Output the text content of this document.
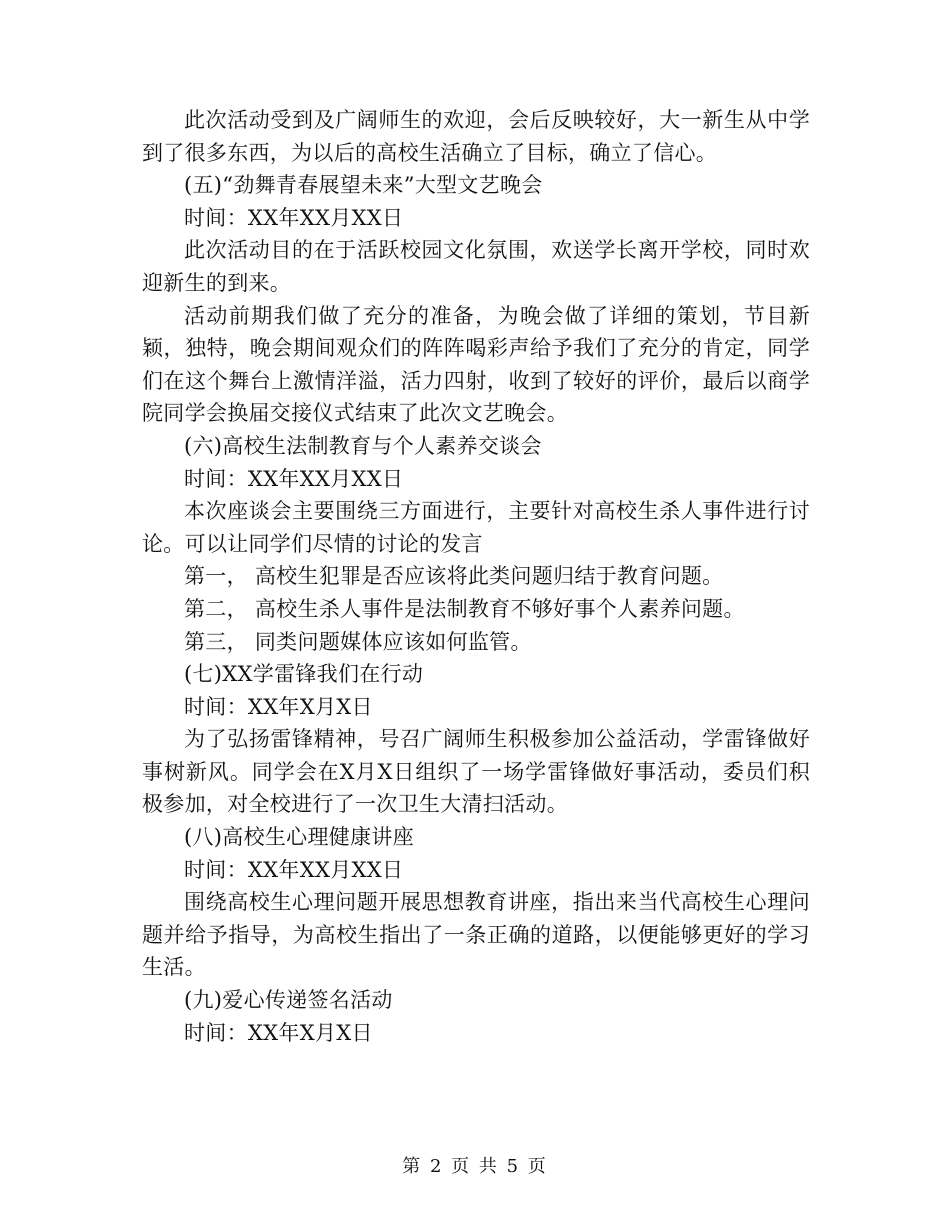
此次活动受到及广阔师生的欢迎，会后反映较好，大一新生从中学到了很多东西，为以后的高校生活确立了目标，确立了信心。

(五)“劲舞青春展望未来”大型文艺晚会

时间：XX年XX月XX日

此次活动目的在于活跃校园文化氛围，欢送学长离开学校，同时欢迎新生的到来。

活动前期我们做了充分的准备，为晚会做了详细的策划，节目新颖，独特，晚会期间观众们的阵阵喝彩声给予我们了充分的肯定，同学们在这个舞台上激情洋溢，活力四射，收到了较好的评价，最后以商学院同学会换届交接仪式结束了此次文艺晚会。

(六)高校生法制教育与个人素养交谈会

时间：XX年XX月XX日

本次座谈会主要围绕三方面进行，主要针对高校生杀人事件进行讨论。可以让同学们尽情的讨论的发言

第一， 高校生犯罪是否应该将此类问题归结于教育问题。

第二， 高校生杀人事件是法制教育不够好事个人素养问题。

第三， 同类问题媒体应该如何监管。

(七)XX学雷锋我们在行动

时间：XX年X月X日

为了弘扬雷锋精神，号召广阔师生积极参加公益活动，学雷锋做好事树新风。同学会在X月X日组织了一场学雷锋做好事活动，委员们积极参加，对全校进行了一次卫生大清扫活动。

(八)高校生心理健康讲座

时间：XX年XX月XX日

围绕高校生心理问题开展思想教育讲座，指出来当代高校生心理问题并给予指导，为高校生指出了一条正确的道路，以便能够更好的学习生活。

(九)爱心传递签名活动

时间：XX年X月X日

第 2 页 共 5 页
